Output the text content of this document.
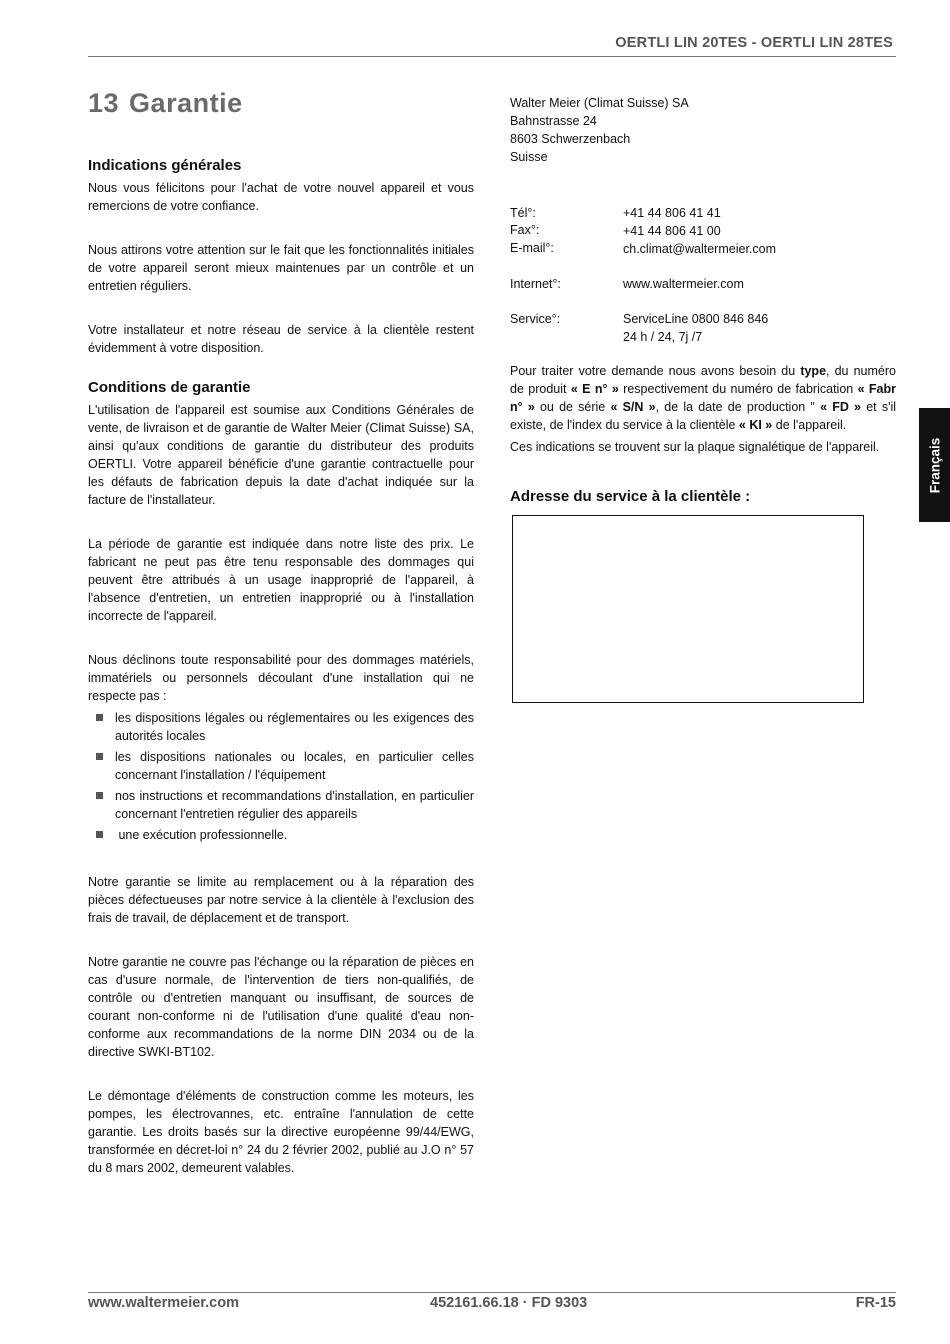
OERTLI LIN 20TES - OERTLI LIN 28TES
13 Garantie
Indications générales

Nous vous félicitons pour l'achat de votre nouvel appareil et vous remercions de votre confiance.

Nous attirons votre attention sur le fait que les fonctionnalités initiales de votre appareil seront mieux maintenues par un contrôle et un entretien réguliers.

Votre installateur et notre réseau de service à la clientèle restent évidemment à votre disposition.

Conditions de garantie

L'utilisation de l'appareil est soumise aux Conditions Générales de vente, de livraison et de garantie de Walter Meier (Climat Suisse) SA, ainsi qu'aux conditions de garantie du distributeur des produits OERTLI. Votre appareil bénéficie d'une garantie contractuelle pour les défauts de fabrication depuis la date d'achat indiquée sur la facture de l'installateur.

La période de garantie est indiquée dans notre liste des prix. Le fabricant ne peut pas être tenu responsable des dommages qui peuvent être attribués à un usage inapproprié de l'appareil, à l'absence d'entretien, un entretien inapproprié ou à l'installation incorrecte de l'appareil.

Nous déclinons toute responsabilité pour des dommages matériels, immatériels ou personnels découlant d'une installation qui ne respecte pas :

les dispositions légales ou réglementaires ou les exigences des autorités locales
les dispositions nationales ou locales, en particulier celles concernant l'installation / l'équipement
nos instructions et recommandations d'installation, en particulier concernant l'entretien régulier des appareils
une exécution professionnelle.

Notre garantie se limite au remplacement ou à la réparation des pièces défectueuses par notre service à la clientèle à l'exclusion des frais de travail, de déplacement et de transport.

Notre garantie ne couvre pas l'échange ou la réparation de pièces en cas d'usure normale, de l'intervention de tiers non-qualifiés, de contrôle ou d'entretien manquant ou insuffisant, de sources de courant non-conforme ni de l'utilisation d'une qualité d'eau non-conforme aux recommandations de la norme DIN 2034 ou de la directive SWKI-BT102.

Le démontage d'éléments de construction comme les moteurs, les pompes, les électrovannes, etc. entraîne l'annulation de cette garantie. Les droits basés sur la directive européenne 99/44/EWG, transformée en décret-loi n° 24 du 2 février 2002, publié au J.O n° 57 du 8 mars 2002, demeurent valables.

Walter Meier (Climat Suisse) SA

Bahnstrasse 24

8603 Schwerzenbach

Suisse

Tél°:	+41 44 806 41 41
Fax°:	+41 44 806 41 00
E-mail°:	ch.climat@waltermeier.com
Internet°:	www.waltermeier.com
Service°:	ServiceLine 0800 846 846
24 h / 24, 7j /7

Pour traiter votre demande nous avons besoin du type, du numéro de produit « E n° » respectivement du numéro de fabrication « Fabr n° » ou de série « S/N », de la date de production " « FD » et s'il existe, de l'index du service à la clientèle « KI » de l'appareil.

Ces indications se trouvent sur la plaque signalétique de l'appareil.

Adresse du service à la clientèle :
Français
www.waltermeier.com	452161.66.18 · FD 9303	FR-15
